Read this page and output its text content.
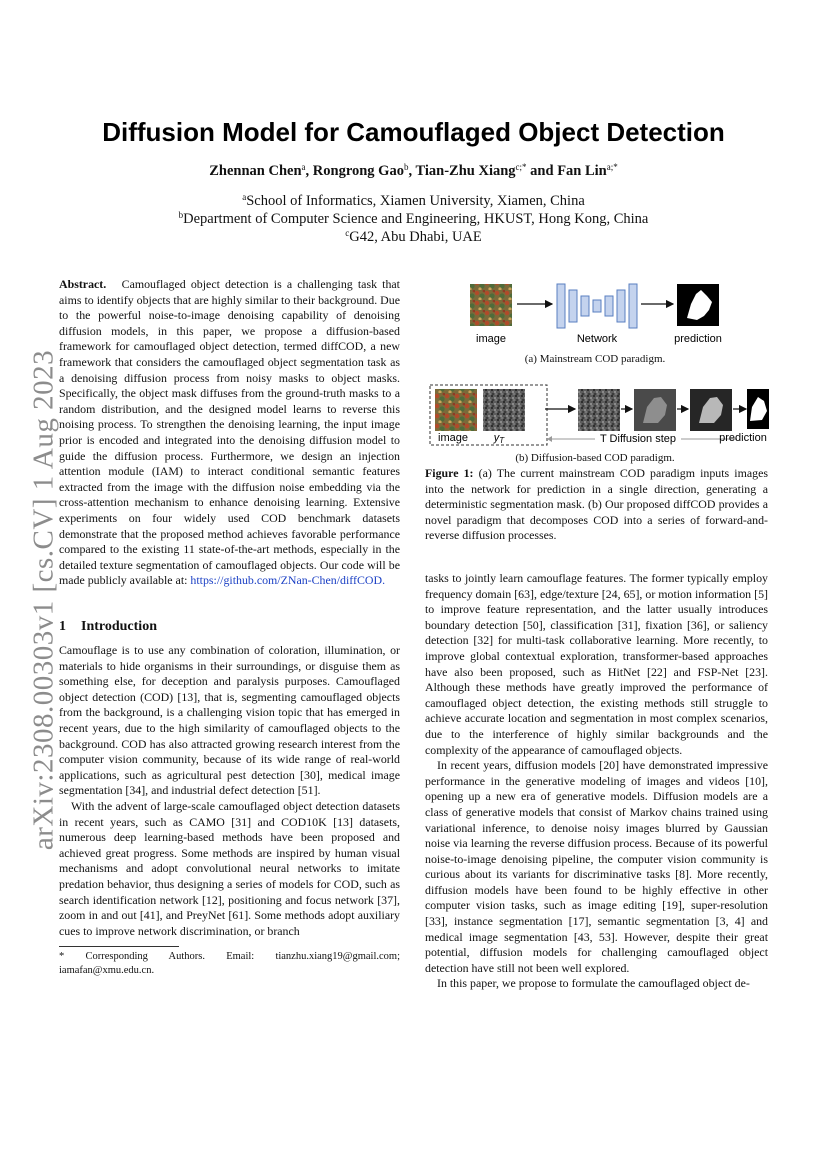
arXiv:2308.00303v1 [cs.CV] 1 Aug 2023
Diffusion Model for Camouflaged Object Detection
Zhennan Chen$^a$, Rongrong Gao$^b$, Tian-Zhu Xiang$^{c;*}$ and Fan Lin$^{a;*}$
$^a$School of Informatics, Xiamen University, Xiamen, China
$^b$Department of Computer Science and Engineering, HKUST, Hong Kong, China
$^c$G42, Abu Dhabi, UAE

Abstract. Camouflaged object detection is a challenging task that aims to identify objects that are highly similar to their background. Due to the powerful noise-to-image denoising capability of denoising diffusion models, in this paper, we propose a diffusion-based framework for camouflaged object detection, termed diffCOD, a new framework that considers the camouflaged object segmentation task as a denoising diffusion process from noisy masks to object masks. Specifically, the object mask diffuses from the ground-truth masks to a random distribution, and the designed model learns to reverse this noising process. To strengthen the denoising learning, the input image prior is encoded and integrated into the denoising diffusion model to guide the diffusion process. Furthermore, we design an injection attention module (IAM) to interact conditional semantic features extracted from the image with the diffusion noise embedding via the cross-attention mechanism to enhance denoising learning. Extensive experiments on four widely used COD benchmark datasets demonstrate that the proposed method achieves favorable performance compared to the existing 11 state-of-the-art methods, especially in the detailed texture segmentation of camouflaged objects. Our code will be made publicly available at: https://github.com/ZNan-Chen/diffCOD.

1 Introduction

Camouflage is to use any combination of coloration, illumination, or materials to hide organisms in their surroundings, or disguise them as something else, for deception and paralysis purposes. Camouflaged object detection (COD) [13], that is, segmenting camouflaged objects from the background, is a challenging vision topic that has emerged in recent years, due to the high similarity of camouflaged objects to the background. COD has also attracted growing research interest from the computer vision community, because of its wide range of real-world applications, such as agricultural pest detection [30], medical image segmentation [34], and industrial defect detection [51].

With the advent of large-scale camouflaged object detection datasets in recent years, such as CAMO [31] and COD10K [13] datasets, numerous deep learning-based methods have been proposed and achieved great progress. Some methods are inspired by human visual mechanisms and adopt convolutional neural networks to imitate predation behavior, thus designing a series of models for COD, such as search identification network [12], positioning and focus network [37], zoom in and out [41], and PreyNet [61]. Some methods adopt auxiliary cues to improve network discrimination, or branch

* Corresponding Authors. Email: tianzhu.xiang19@gmail.com; iamafan@xmu.edu.cn.
image	Network	prediction
(a) Mainstream COD paradigm.
image yT	T Diffusion step	prediction
(b) Diffusion-based COD paradigm.
Figure 1: (a) The current mainstream COD paradigm inputs images into the network for prediction in a single direction, generating a deterministic segmentation mask. (b) Our proposed diffCOD provides a novel paradigm that decomposes COD into a series of forward-and-reverse diffusion processes.

tasks to jointly learn camouflage features. The former typically employ frequency domain [63], edge/texture [24, 65], or motion information [5] to improve feature representation, and the latter usually introduces boundary detection [50], classification [31], fixation [36], or saliency detection [32] for multi-task collaborative learning. More recently, to improve global contextual exploration, transformer-based approaches have also been proposed, such as HitNet [22] and FSP-Net [23]. Although these methods have greatly improved the performance of camouflaged object detection, the existing methods still struggle to achieve accurate location and segmentation in most complex scenarios, due to the interference of highly similar backgrounds and the complexity of the appearance of camouflaged objects.

In recent years, diffusion models [20] have demonstrated impressive performance in the generative modeling of images and videos [10], opening up a new era of generative models. Diffusion models are a class of generative models that consist of Markov chains trained using variational inference, to denoise noisy images blurred by Gaussian noise via learning the reverse diffusion process. Because of its powerful noise-to-image denoising pipeline, the computer vision community is curious about its variants for discriminative tasks [8]. More recently, diffusion models have been found to be highly effective in other computer vision tasks, such as image editing [19], super-resolution [33], instance segmentation [17], semantic segmentation [3, 4] and medical image segmentation [43, 53]. However, despite their great potential, diffusion models for challenging camouflaged object detection have still not been well explored.

In this paper, we propose to formulate the camouflaged object de-
